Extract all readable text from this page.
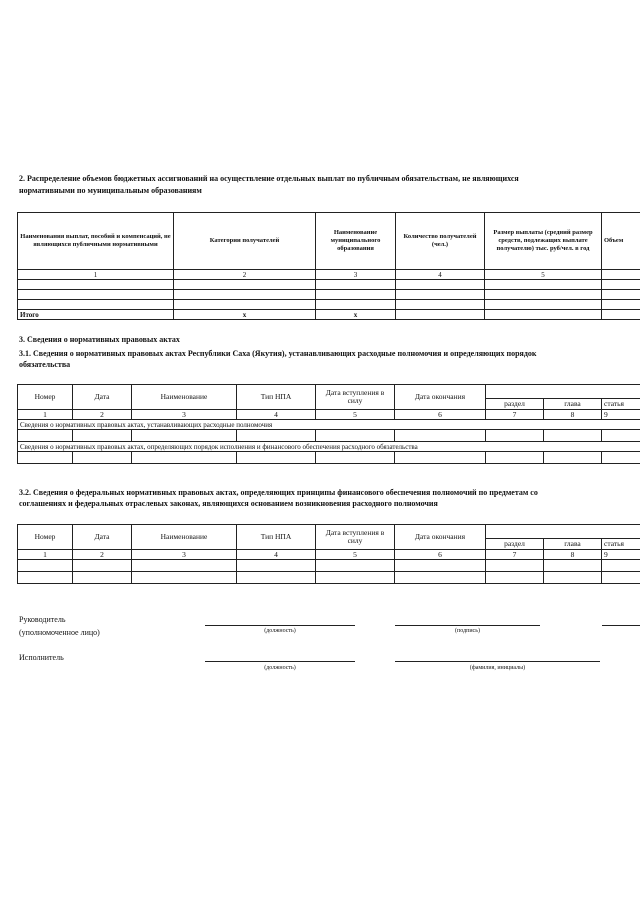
2. Распределение объемов бюджетных ассигнований на осуществление отдельных выплат по публичным обязательствам, не являющихся
нормативными по муниципальным образованиям
Наименования выплат, пособий и компенсаций, не являющихся публичными нормативными	Категории получателей	Наименование муниципального образования	Количество получателей (чел.)	Размер выплаты (средний размер средств, подлежащих выплате получателю) тыс. руб/чел. в год	Объем
1	2	3	4	5	

Итого	х	х			
3. Сведения о нормативных правовых актах
3.1. Сведения о нормативных правовых актах Республики Саха (Якутия), устанавливающих расходные полномочия и определяющих порядок
обязательства
Номер	Дата	Наименование	Тип НПА	Дата вступления в силу	Дата окончания			
						раздел	глава	статья
1	2	3	4	5	6	7	8	9
Сведения о нормативных правовых актах, устанавливающих расходные полномочия								

Сведения о нормативных правовых актах, определяющих порядок исполнения и финансового обеспечения расходного обязательства								

3.2. Сведения о федеральных нормативных правовых актах, определяющих принципы финансового обеспечения полномочий по предметам со
соглашениях и федеральных отраслевых законах, являющихся основанием возникновения расходного полномочия
Номер	Дата	Наименование	Тип НПА	Дата вступления в силу	Дата окончания			
						раздел	глава	статья
1	2	3	4	5	6	7	8	9

Руководитель
(уполномоченное лицо)	(должность)	(подпись)
Исполнитель
(должность)	(фамилия, инициалы)
